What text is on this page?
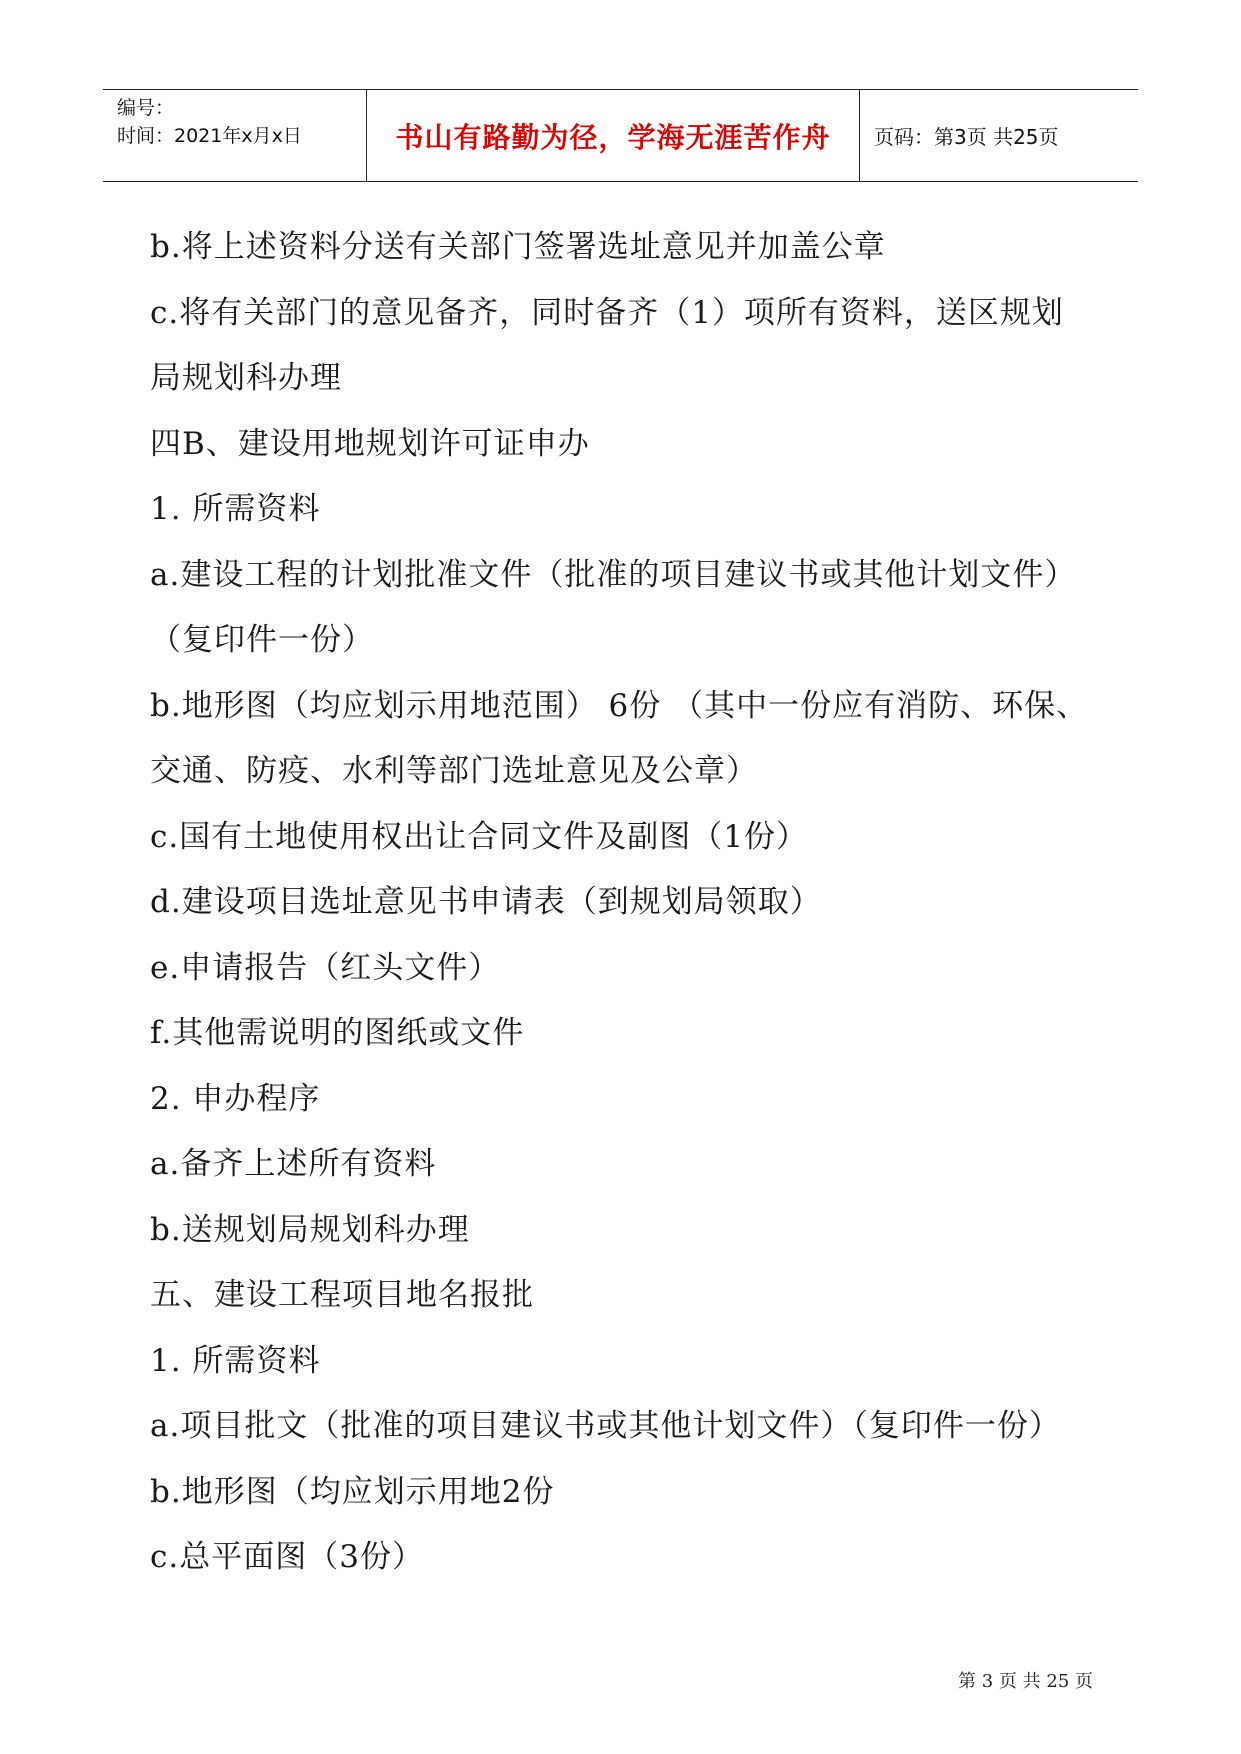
编号：
时间：2021年x月x日	书山有路勤为径，学海无涯苦作舟	页码：第3页 共25页
b.将上述资料分送有关部门签署选址意见并加盖公章
c.将有关部门的意见备齐，同时备齐（1）项所有资料，送区规划
局规划科办理
四B、建设用地规划许可证申办
1. 所需资料
a.建设工程的计划批准文件（批准的项目建议书或其他计划文件）
（复印件一份）
b.地形图（均应划示用地范围） 6份 （其中一份应有消防、环保、
交通、防疫、水利等部门选址意见及公章）
c.国有土地使用权出让合同文件及副图（1份）
d.建设项目选址意见书申请表（到规划局领取）
e.申请报告（红头文件）
f.其他需说明的图纸或文件
2. 申办程序
a.备齐上述所有资料
b.送规划局规划科办理
五、建设工程项目地名报批
1. 所需资料
a.项目批文（批准的项目建议书或其他计划文件）（复印件一份）
b.地形图（均应划示用地2份
c.总平面图（3份）
第 3 页 共 25 页
